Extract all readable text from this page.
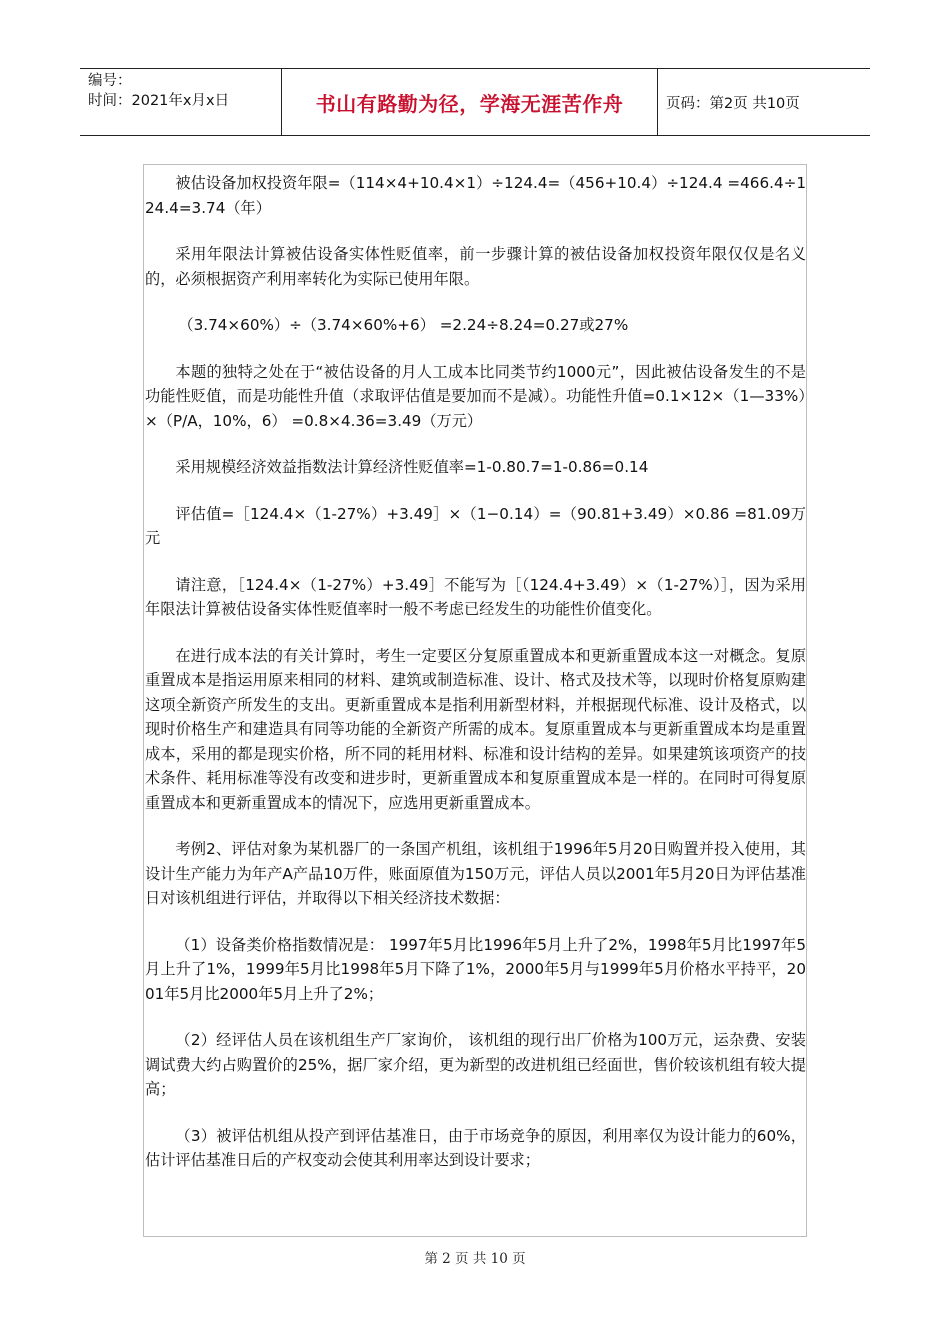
编号：
时间：2021年x月x日	书山有路勤为径，学海无涯苦作舟	页码：第2页 共10页

被估设备加权投资年限=（114×4+10.4×1）÷124.4=（456+10.4）÷124.4 =466.4÷124.4=3.74（年）

采用年限法计算被估设备实体性贬值率，前一步骤计算的被估设备加权投资年限仅仅是名义的，必须根据资产利用率转化为实际已使用年限。

（3.74×60%）÷（3.74×60%+6） =2.24÷8.24=0.27或27%

本题的独特之处在于“被估设备的月人工成本比同类节约1000元”，因此被估设备发生的不是功能性贬值，而是功能性升值（求取评估值是要加而不是减）。功能性升值=0.1×12×（1—33%）×（P/A，10%，6） =0.8×4.36=3.49（万元）

采用规模经济效益指数法计算经济性贬值率=1-0.80.7=1-0.86=0.14

评估值=［124.4×（1-27%）+3.49］×（1−0.14）=（90.81+3.49）×0.86 =81.09万元

请注意，［124.4×（1-27%）+3.49］不能写为［（124.4+3.49）×（1-27%）］，因为采用年限法计算被估设备实体性贬值率时一般不考虑已经发生的功能性价值变化。

在进行成本法的有关计算时，考生一定要区分复原重置成本和更新重置成本这一对概念。复原重置成本是指运用原来相同的材料、建筑或制造标准、设计、格式及技术等，以现时价格复原购建这项全新资产所发生的支出。更新重置成本是指利用新型材料，并根据现代标准、设计及格式，以现时价格生产和建造具有同等功能的全新资产所需的成本。复原重置成本与更新重置成本均是重置成本，采用的都是现实价格，所不同的耗用材料、标准和设计结构的差异。如果建筑该项资产的技术条件、耗用标准等没有改变和进步时，更新重置成本和复原重置成本是一样的。在同时可得复原重置成本和更新重置成本的情况下，应选用更新重置成本。

考例2、评估对象为某机器厂的一条国产机组，该机组于1996年5月20日购置并投入使用，其设计生产能力为年产A产品10万件，账面原值为150万元，评估人员以2001年5月20日为评估基准日对该机组进行评估，并取得以下相关经济技术数据：

（1）设备类价格指数情况是： 1997年5月比1996年5月上升了2%，1998年5月比1997年5月上升了1%，1999年5月比1998年5月下降了1%，2000年5月与1999年5月价格水平持平，2001年5月比2000年5月上升了2%；

（2）经评估人员在该机组生产厂家询价， 该机组的现行出厂价格为100万元，运杂费、安装调试费大约占购置价的25%，据厂家介绍，更为新型的改进机组已经面世，售价较该机组有较大提高；

（3）被评估机组从投产到评估基准日，由于市场竞争的原因，利用率仅为设计能力的60%，估计评估基准日后的产权变动会使其利用率达到设计要求；

第 2 页 共 10 页
